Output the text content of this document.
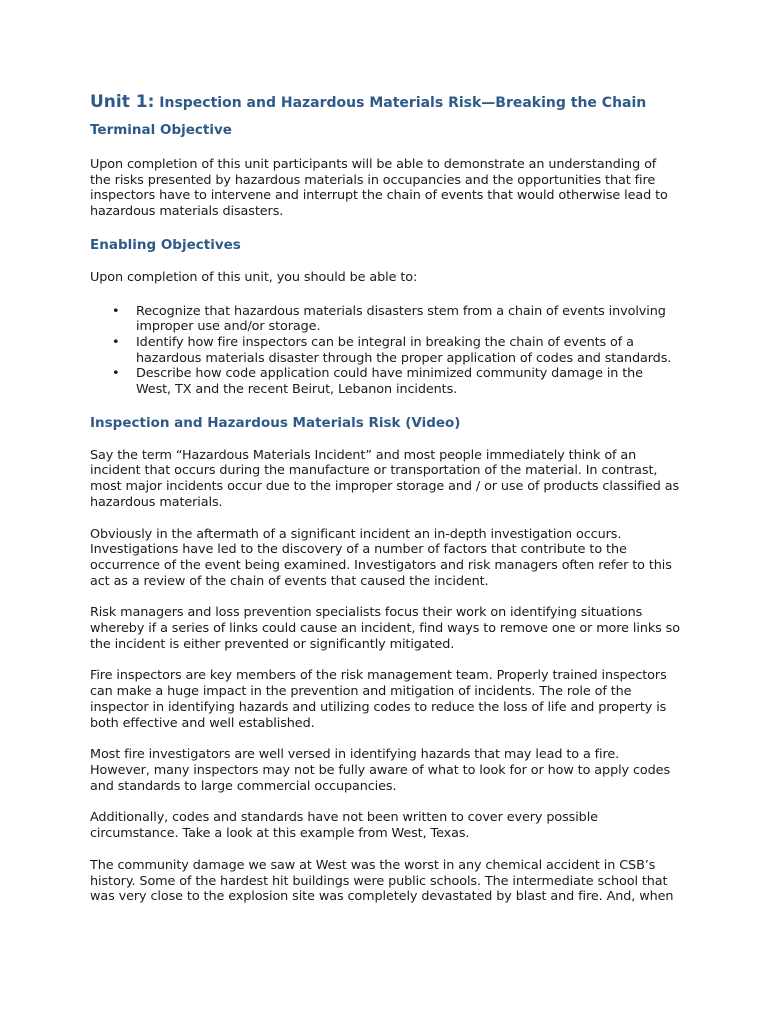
Unit 1: Inspection and Hazardous Materials Risk—Breaking the Chain
Terminal Objective

Upon completion of this unit participants will be able to demonstrate an understanding of the risks presented by hazardous materials in occupancies and the opportunities that fire inspectors have to intervene and interrupt the chain of events that would otherwise lead to hazardous materials disasters.

Enabling Objectives

Upon completion of this unit, you should be able to:

• Recognize that hazardous materials disasters stem from a chain of events involving improper use and/or storage.
• Identify how fire inspectors can be integral in breaking the chain of events of a hazardous materials disaster through the proper application of codes and standards.
• Describe how code application could have minimized community damage in the West, TX and the recent Beirut, Lebanon incidents.
Inspection and Hazardous Materials Risk (Video)

Say the term “Hazardous Materials Incident” and most people immediately think of an incident that occurs during the manufacture or transportation of the material. In contrast, most major incidents occur due to the improper storage and / or use of products classified as hazardous materials.

Obviously in the aftermath of a significant incident an in-depth investigation occurs. Investigations have led to the discovery of a number of factors that contribute to the occurrence of the event being examined. Investigators and risk managers often refer to this act as a review of the chain of events that caused the incident.

Risk managers and loss prevention specialists focus their work on identifying situations whereby if a series of links could cause an incident, find ways to remove one or more links so the incident is either prevented or significantly mitigated.

Fire inspectors are key members of the risk management team. Properly trained inspectors can make a huge impact in the prevention and mitigation of incidents. The role of the inspector in identifying hazards and utilizing codes to reduce the loss of life and property is both effective and well established.

Most fire investigators are well versed in identifying hazards that may lead to a fire. However, many inspectors may not be fully aware of what to look for or how to apply codes and standards to large commercial occupancies.

Additionally, codes and standards have not been written to cover every possible circumstance. Take a look at this example from West, Texas.

The community damage we saw at West was the worst in any chemical accident in CSB’s history. Some of the hardest hit buildings were public schools. The intermediate school that was very close to the explosion site was completely devastated by blast and fire. And, when
